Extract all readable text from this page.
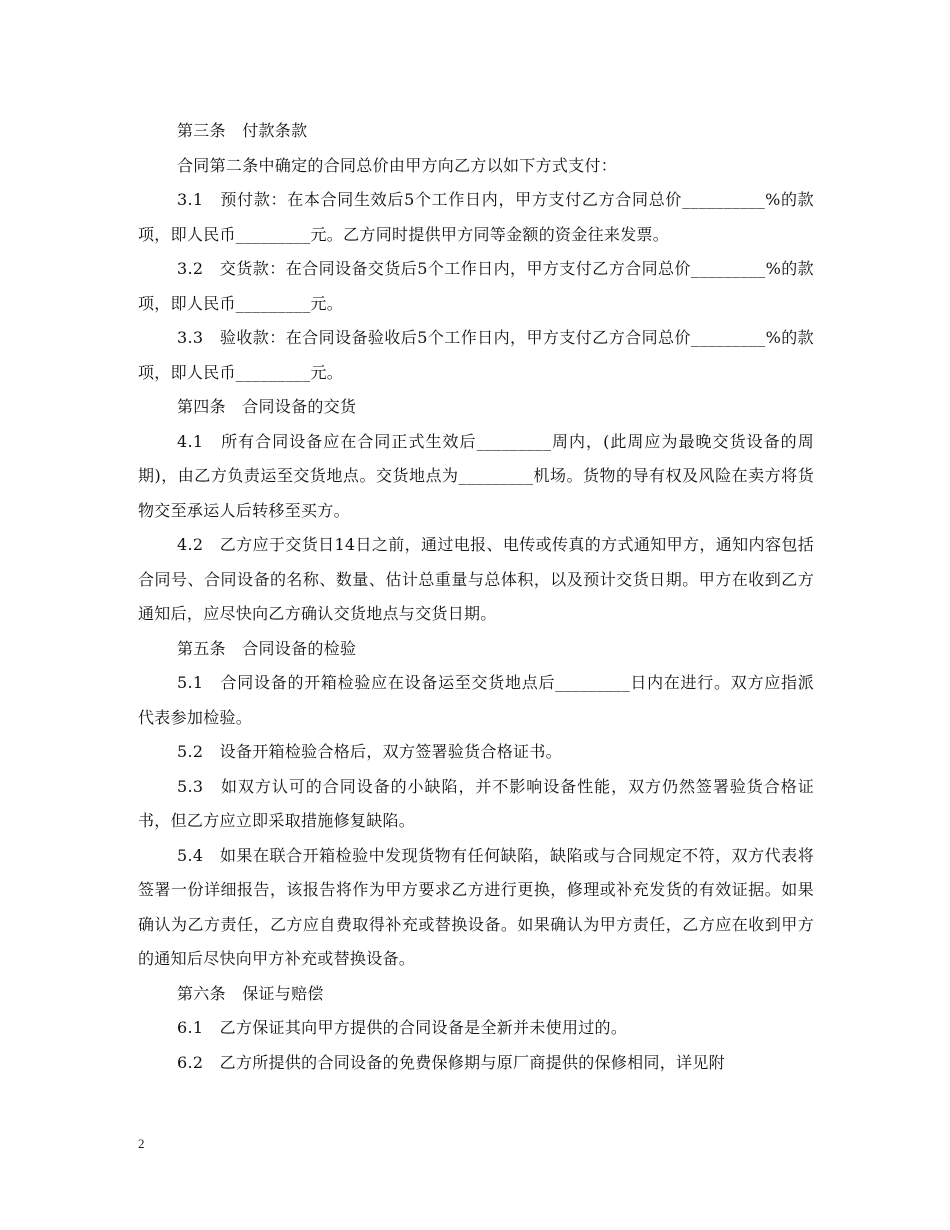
第三条　付款条款

合同第二条中确定的合同总价由甲方向乙方以如下方式支付：

3.1　预付款：在本合同生效后5个工作日内，甲方支付乙方合同总价__________%的款项，即人民币_________元。乙方同时提供甲方同等金额的资金往来发票。

3.2　交货款：在合同设备交货后5个工作日内，甲方支付乙方合同总价_________%的款项，即人民币_________元。

3.3　验收款：在合同设备验收后5个工作日内，甲方支付乙方合同总价_________%的款项，即人民币_________元。

第四条　合同设备的交货

4.1　所有合同设备应在合同正式生效后_________周内，(此周应为最晚交货设备的周期)，由乙方负责运至交货地点。交货地点为_________机场。货物的导有权及风险在卖方将货物交至承运人后转移至买方。

4.2　乙方应于交货日14日之前，通过电报、电传或传真的方式通知甲方，通知内容包括合同号、合同设备的名称、数量、估计总重量与总体积，以及预计交货日期。甲方在收到乙方通知后，应尽快向乙方确认交货地点与交货日期。

第五条　合同设备的检验

5.1　合同设备的开箱检验应在设备运至交货地点后_________日内在进行。双方应指派代表参加检验。

5.2　设备开箱检验合格后，双方签署验货合格证书。

5.3　如双方认可的合同设备的小缺陷，并不影响设备性能，双方仍然签署验货合格证书，但乙方应立即采取措施修复缺陷。

5.4　如果在联合开箱检验中发现货物有任何缺陷，缺陷或与合同规定不符，双方代表将签署一份详细报告，该报告将作为甲方要求乙方进行更换，修理或补充发货的有效证据。如果确认为乙方责任，乙方应自费取得补充或替换设备。如果确认为甲方责任，乙方应在收到甲方的通知后尽快向甲方补充或替换设备。

第六条　保证与赔偿

6.1　乙方保证其向甲方提供的合同设备是全新并未使用过的。

6.2　乙方所提供的合同设备的免费保修期与原厂商提供的保修相同，详见附

2
